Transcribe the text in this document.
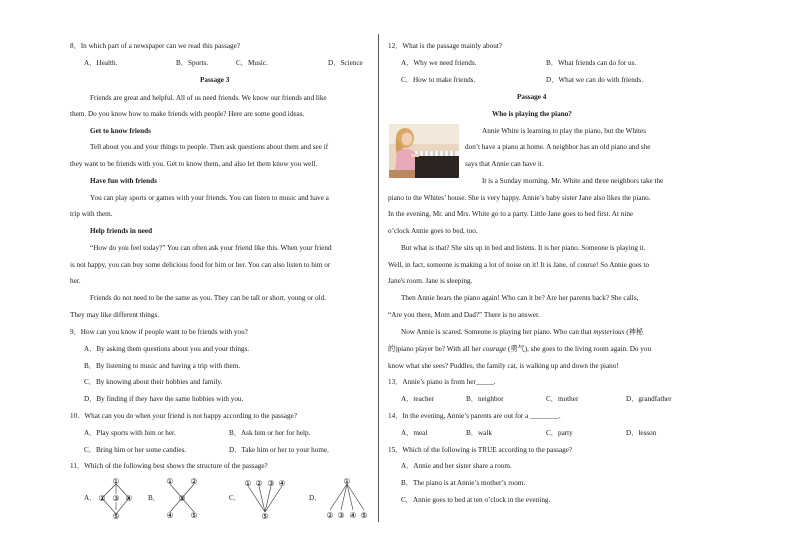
8．In which part of a newspaper can we read this passage?
A．Health.	B．Sports.	C．Music.	D．Science
Passage 3
Friends are great and helpful. All of us need friends. We know our friends and like
them. Do you know how to make friends with people? Here are some good ideas.
Get to know friends
Tell about you and your things to people. Then ask questions about them and see if
they want to be friends with you. Get to know them, and also let them know you well.
Have fun with friends
You can play sports or games with your friends. You can listen to music and have a
trip with them.
Help friends in need
“How do you feel today?” You can often ask your friend like this. When your friend
is not happy, you can buy some delicious food for him or her. You can also listen to him or
her.
Friends do not need to be the same as you. They can be tall or short, young or old.
They may like different things.
9．How can you know if people want to be friends with you?
A．By asking them questions about you and your things.
B．By listening to music and having a trip with them.
C．By knowing about their hobbies and family.
D．By finding if they have the same hobbies with you.
10．What can you do when your friend is not happy according to the passage?
A．Play sports with him or her.	B．Ask him or her for help.
C．Bring him or her some candies.	D．Take him or her to your home.
11．Which of the following best shows the structure of the passage?
A．	B．	C．	D．
①
② ③ ④
⑤
① ②
③
④ ⑤
① ② ③ ④
⑤
①
② ③ ④ ⑤
12．What is the passage mainly about?
A．Why we need friends.	B．What friends can do for us.
C．How to make friends.	D．What we can do with friends.
Passage 4
Who is playing the piano?
Annie White is learning to play the piano, but the Whites
don’t have a piano at home. A neighbor has an old piano and she
says that Annie can have it.
It is a Sunday morning. Mr. White and three neighbors take the
piano to the Whites’ house. She is very happy. Annie’s baby sister Jane also likes the piano.
In the evening, Mr. and Mrs. White go to a party. Little Jane goes to bed first. At nine
o’clock Annie goes to bed, too.
But what is that? She sits up in bed and listens. It is her piano. Someone is playing it.
Well, in fact, someone is making a lot of noise on it! It is Jane, of course! So Annie goes to
Jane's room. Jane is sleeping.
Then Annie hears the piano again! Who can it be? Are her parents back? She calls,
“Are you there, Mom and Dad?” There is no answer.
Now Annie is scared. Someone is playing her piano. Who can that mysterious (神秘
的)piano player be? With all her courage (勇气), she goes to the living room again. Do you
know what she sees? Puddles, the family cat, is walking up and down the piano!
13．Annie’s piano is from her_____.
A．teacher	B．neighbor	C．mother	D．grandfather
14．In the evening, Annie’s parents are out for a ________.
A．meal	B．walk	C．party	D．lesson
15．Which of the following is TRUE according to the passage?
A．Annie and her sister share a room.
B．The piano is at Annie’s mother’s room.
C．Annie goes to bed at ten o’clock in the evening.
